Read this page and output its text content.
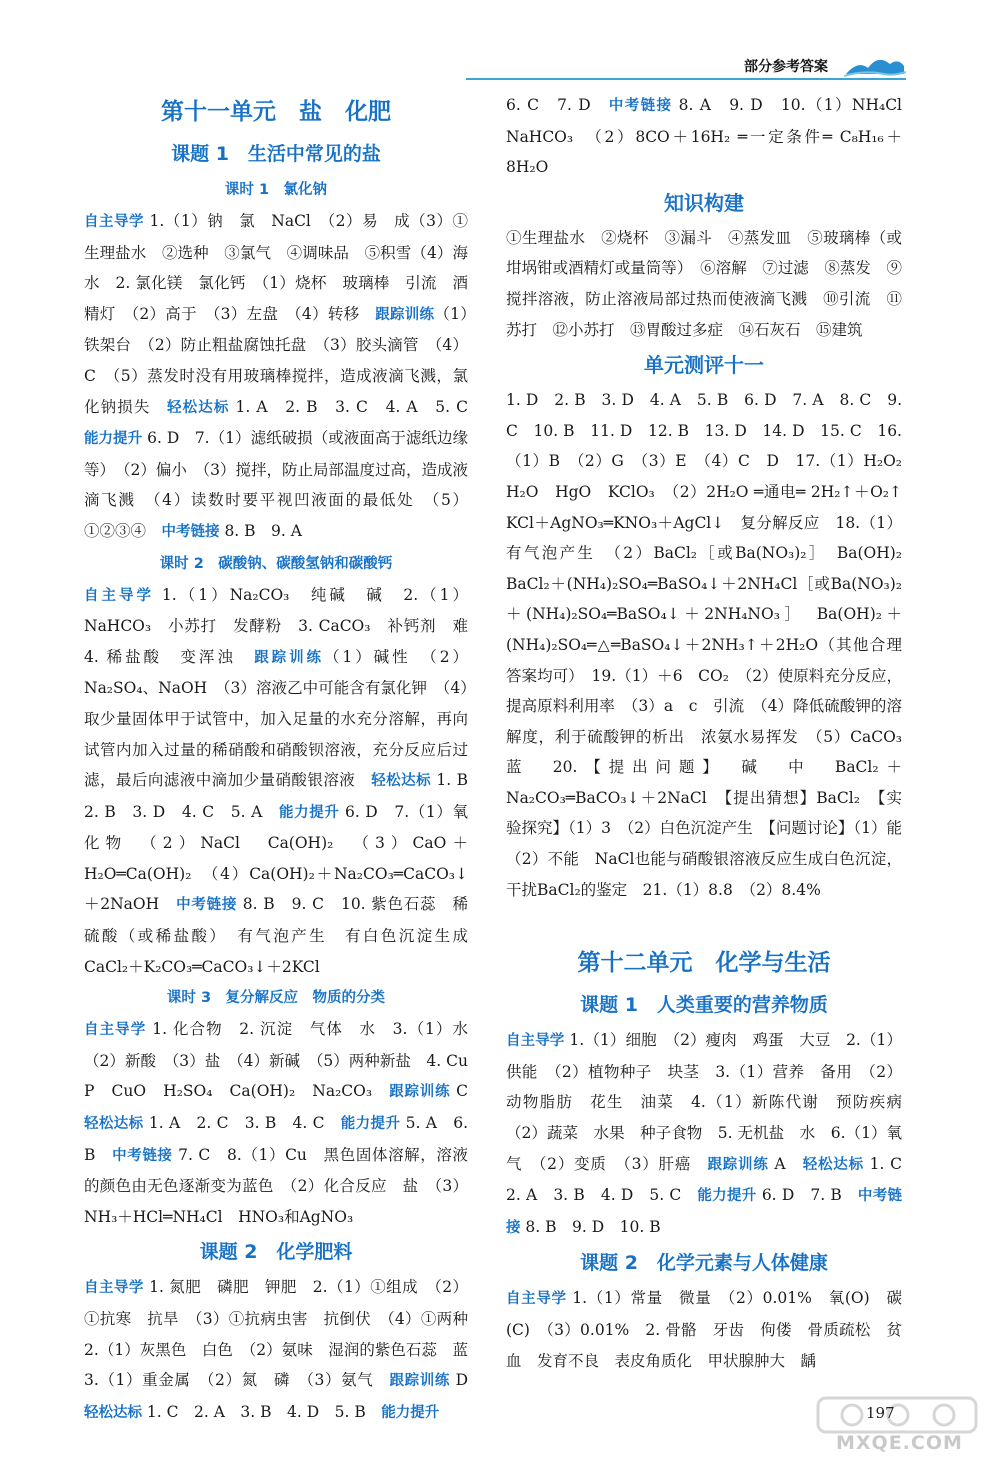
部分参考答案

第十一单元　盐　化肥

课题 1　生活中常见的盐

课时 1　氯化钠

自主导学 1.（1）钠　氯　NaCl　（2）易　成（3）①生理盐水　②选种　③氯气　④调味品　⑤积雪（4）海水　2. 氯化镁　氯化钙　（1）烧杯　玻璃棒　引流　酒精灯　（2）高于　（3）左盘　（4）转移　跟踪训练（1）铁架台　（2）防止粗盐腐蚀托盘　（3）胶头滴管　（4）C　（5）蒸发时没有用玻璃棒搅拌，造成液滴飞溅，氯化钠损失　轻松达标 1. A　2. B　3. C　4. A　5. C　能力提升 6. D　7.（1）滤纸破损（或液面高于滤纸边缘等）　（2）偏小　（3）搅拌，防止局部温度过高，造成液滴飞溅　（4）读数时要平视凹液面的最低处　（5）①②③④　中考链接 8. B　9. A

课时 2　碳酸钠、碳酸氢钠和碳酸钙

自主导学 1.（1）Na₂CO₃　纯碱　碱　2.（1）NaHCO₃　小苏打　发酵粉　3. CaCO₃　补钙剂　难　4. 稀盐酸　变浑浊　跟踪训练（1）碱性　（2）Na₂SO₄、NaOH　（3）溶液乙中可能含有氯化钾　（4）取少量固体甲于试管中，加入足量的水充分溶解，再向试管内加入过量的稀硝酸和硝酸钡溶液，充分反应后过滤，最后向滤液中滴加少量硝酸银溶液　轻松达标 1. B　2. B　3. D　4. C　5. A　能力提升 6. D　7.（1）氧化物　（2）NaCl　Ca(OH)₂　（3）CaO＋H₂O═Ca(OH)₂　（4）Ca(OH)₂＋Na₂CO₃═CaCO₃↓＋2NaOH　中考链接 8. B　9. C　10. 紫色石蕊　稀硫酸（或稀盐酸）　有气泡产生　有白色沉淀生成　CaCl₂＋K₂CO₃═CaCO₃↓＋2KCl

课时 3　复分解反应　物质的分类

自主导学 1. 化合物　2. 沉淀　气体　水　3.（1）水　（2）新酸　（3）盐　（4）新碱　（5）两种新盐　4. Cu　P　CuO　H₂SO₄　Ca(OH)₂　Na₂CO₃　跟踪训练 C　轻松达标 1. A　2. C　3. B　4. C　能力提升 5. A　6. B　中考链接 7. C　8.（1）Cu　黑色固体溶解，溶液的颜色由无色逐渐变为蓝色　（2）化合反应　盐　（3）NH₃＋HCl═NH₄Cl　HNO₃和AgNO₃

课题 2　化学肥料

自主导学 1. 氮肥　磷肥　钾肥　2.（1）①组成　（2）①抗寒　抗旱　（3）①抗病虫害　抗倒伏　（4）①两种　2.（1）灰黑色　白色　（2）氨味　湿润的紫色石蕊　蓝　3.（1）重金属　（2）氮　磷　（3）氨气　跟踪训练 D　轻松达标 1. C　2. A　3. B　4. D　5. B　能力提升

6. C　7. D　中考链接 8. A　9. D　10.（1）NH₄Cl　NaHCO₃　（2）8CO＋16H₂ ═一定条件═ C₈H₁₆＋8H₂O

知识构建

①生理盐水　②烧杯　③漏斗　④蒸发皿　⑤玻璃棒（或坩埚钳或酒精灯或量筒等）　⑥溶解　⑦过滤　⑧蒸发　⑨搅拌溶液，防止溶液局部过热而使液滴飞溅　⑩引流　⑪苏打　⑫小苏打　⑬胃酸过多症　⑭石灰石　⑮建筑

单元测评十一

1. D　2. B　3. D　4. A　5. B　6. D　7. A　8. C　9. C　10. B　11. D　12. B　13. D　14. D　15. C　16.（1）B　（2）G　（3）E　（4）C　D　17.（1）H₂O₂　H₂O　HgO　KClO₃　（2）2H₂O ═通电═ 2H₂↑＋O₂↑　KCl＋AgNO₃═KNO₃＋AgCl↓　复分解反应　18.（1）有气泡产生　（2）BaCl₂［或Ba(NO₃)₂］　Ba(OH)₂　BaCl₂＋(NH₄)₂SO₄═BaSO₄↓＋2NH₄Cl［或Ba(NO₃)₂＋(NH₄)₂SO₄═BaSO₄↓＋2NH₄NO₃］　Ba(OH)₂＋(NH₄)₂SO₄═△═BaSO₄↓＋2NH₃↑＋2H₂O（其他合理答案均可）　19.（1）＋6　CO₂　（2）使原料充分反应，提高原料利用率　（3）a　c　引流　（4）降低硫酸钾的溶解度，利于硫酸钾的析出　浓氨水易挥发　（5）CaCO₃　蓝　20.【提出问题】　碱　中　BaCl₂＋Na₂CO₃═BaCO₃↓＋2NaCl　【提出猜想】BaCl₂　【实验探究】（1）3　（2）白色沉淀产生　【问题讨论】（1）能　（2）不能　NaCl也能与硝酸银溶液反应生成白色沉淀，干扰BaCl₂的鉴定　21.（1）8.8　（2）8.4%

第十二单元　化学与生活

课题 1　人类重要的营养物质

自主导学 1.（1）细胞　（2）瘦肉　鸡蛋　大豆　2.（1）供能　（2）植物种子　块茎　3.（1）营养　备用　（2）动物脂肪　花生　油菜　4.（1）新陈代谢　预防疾病　（2）蔬菜　水果　种子食物　5. 无机盐　水　6.（1）氧气　（2）变质　（3）肝癌　跟踪训练 A　轻松达标 1. C　2. A　3. B　4. D　5. C　能力提升 6. D　7. B　中考链接 8. B　9. D　10. B

课题 2　化学元素与人体健康

自主导学 1.（1）常量　微量　（2）0.01%　氧(O)　碳(C)　（3）0.01%　2. 骨骼　牙齿　佝偻　骨质疏松　贫血　发育不良　表皮角质化　甲状腺肿大　龋

197
MXQE.COM
